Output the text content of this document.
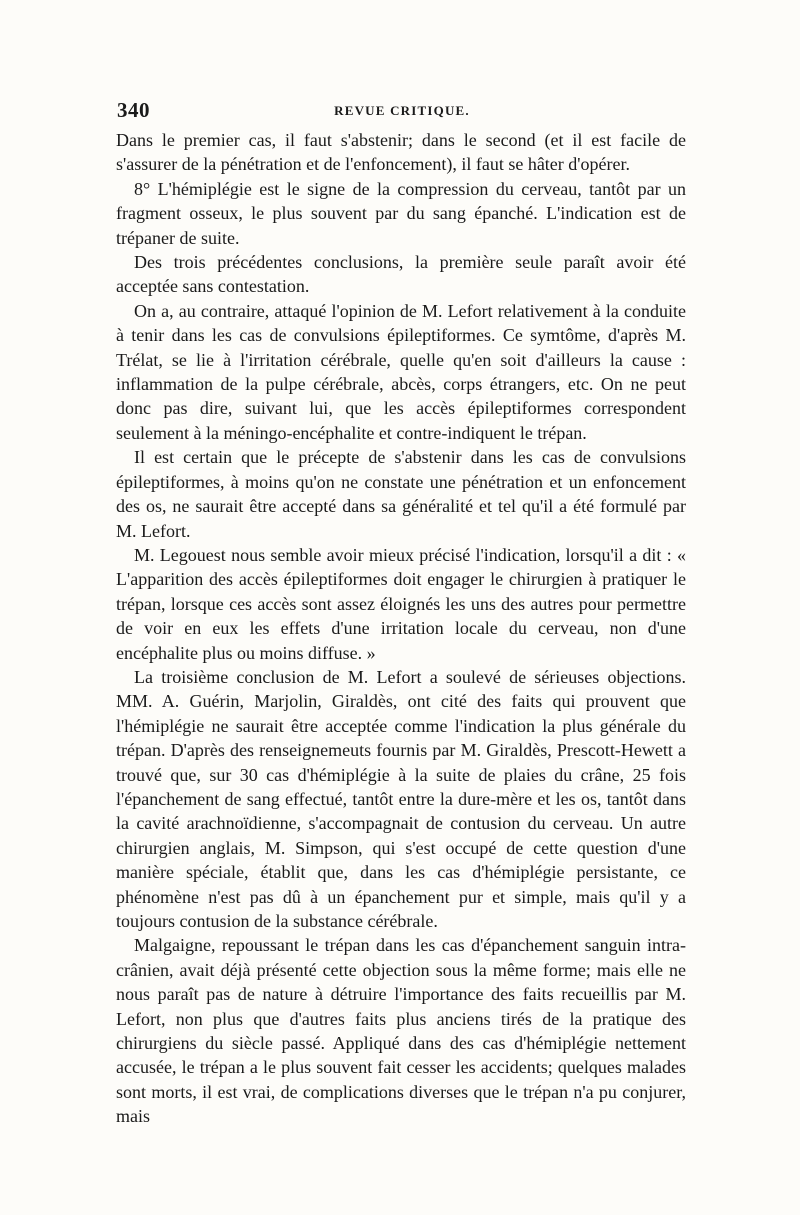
340	REVUE CRITIQUE.

Dans le premier cas, il faut s'abstenir; dans le second (et il est facile de s'assurer de la pénétration et de l'enfoncement), il faut se hâter d'opérer.

8° L'hémiplégie est le signe de la compression du cerveau, tantôt par un fragment osseux, le plus souvent par du sang épanché. L'indication est de trépaner de suite.

Des trois précédentes conclusions, la première seule paraît avoir été acceptée sans contestation.

On a, au contraire, attaqué l'opinion de M. Lefort relativement à la conduite à tenir dans les cas de convulsions épileptiformes. Ce symtôme, d'après M. Trélat, se lie à l'irritation cérébrale, quelle qu'en soit d'ailleurs la cause : inflammation de la pulpe cérébrale, abcès, corps étrangers, etc. On ne peut donc pas dire, suivant lui, que les accès épileptiformes correspondent seulement à la méningo-encéphalite et contre-indiquent le trépan.

Il est certain que le précepte de s'abstenir dans les cas de convulsions épileptiformes, à moins qu'on ne constate une pénétration et un enfoncement des os, ne saurait être accepté dans sa généralité et tel qu'il a été formulé par M. Lefort.

M. Legouest nous semble avoir mieux précisé l'indication, lorsqu'il a dit : « L'apparition des accès épileptiformes doit engager le chirurgien à pratiquer le trépan, lorsque ces accès sont assez éloignés les uns des autres pour permettre de voir en eux les effets d'une irritation locale du cerveau, non d'une encéphalite plus ou moins diffuse. »

La troisième conclusion de M. Lefort a soulevé de sérieuses objections. MM. A. Guérin, Marjolin, Giraldès, ont cité des faits qui prouvent que l'hémiplégie ne saurait être acceptée comme l'indication la plus générale du trépan. D'après des renseignemeuts fournis par M. Giraldès, Prescott-Hewett a trouvé que, sur 30 cas d'hémiplégie à la suite de plaies du crâne, 25 fois l'épanchement de sang effectué, tantôt entre la dure-mère et les os, tantôt dans la cavité arachnoïdienne, s'accompagnait de contusion du cerveau. Un autre chirurgien anglais, M. Simpson, qui s'est occupé de cette question d'une manière spéciale, établit que, dans les cas d'hémiplégie persistante, ce phénomène n'est pas dû à un épanchement pur et simple, mais qu'il y a toujours contusion de la substance cérébrale.

Malgaigne, repoussant le trépan dans les cas d'épanchement sanguin intra-crânien, avait déjà présenté cette objection sous la même forme; mais elle ne nous paraît pas de nature à détruire l'importance des faits recueillis par M. Lefort, non plus que d'autres faits plus anciens tirés de la pratique des chirurgiens du siècle passé. Appliqué dans des cas d'hémiplégie nettement accusée, le trépan a le plus souvent fait cesser les accidents; quelques malades sont morts, il est vrai, de complications diverses que le trépan n'a pu conjurer, mais
